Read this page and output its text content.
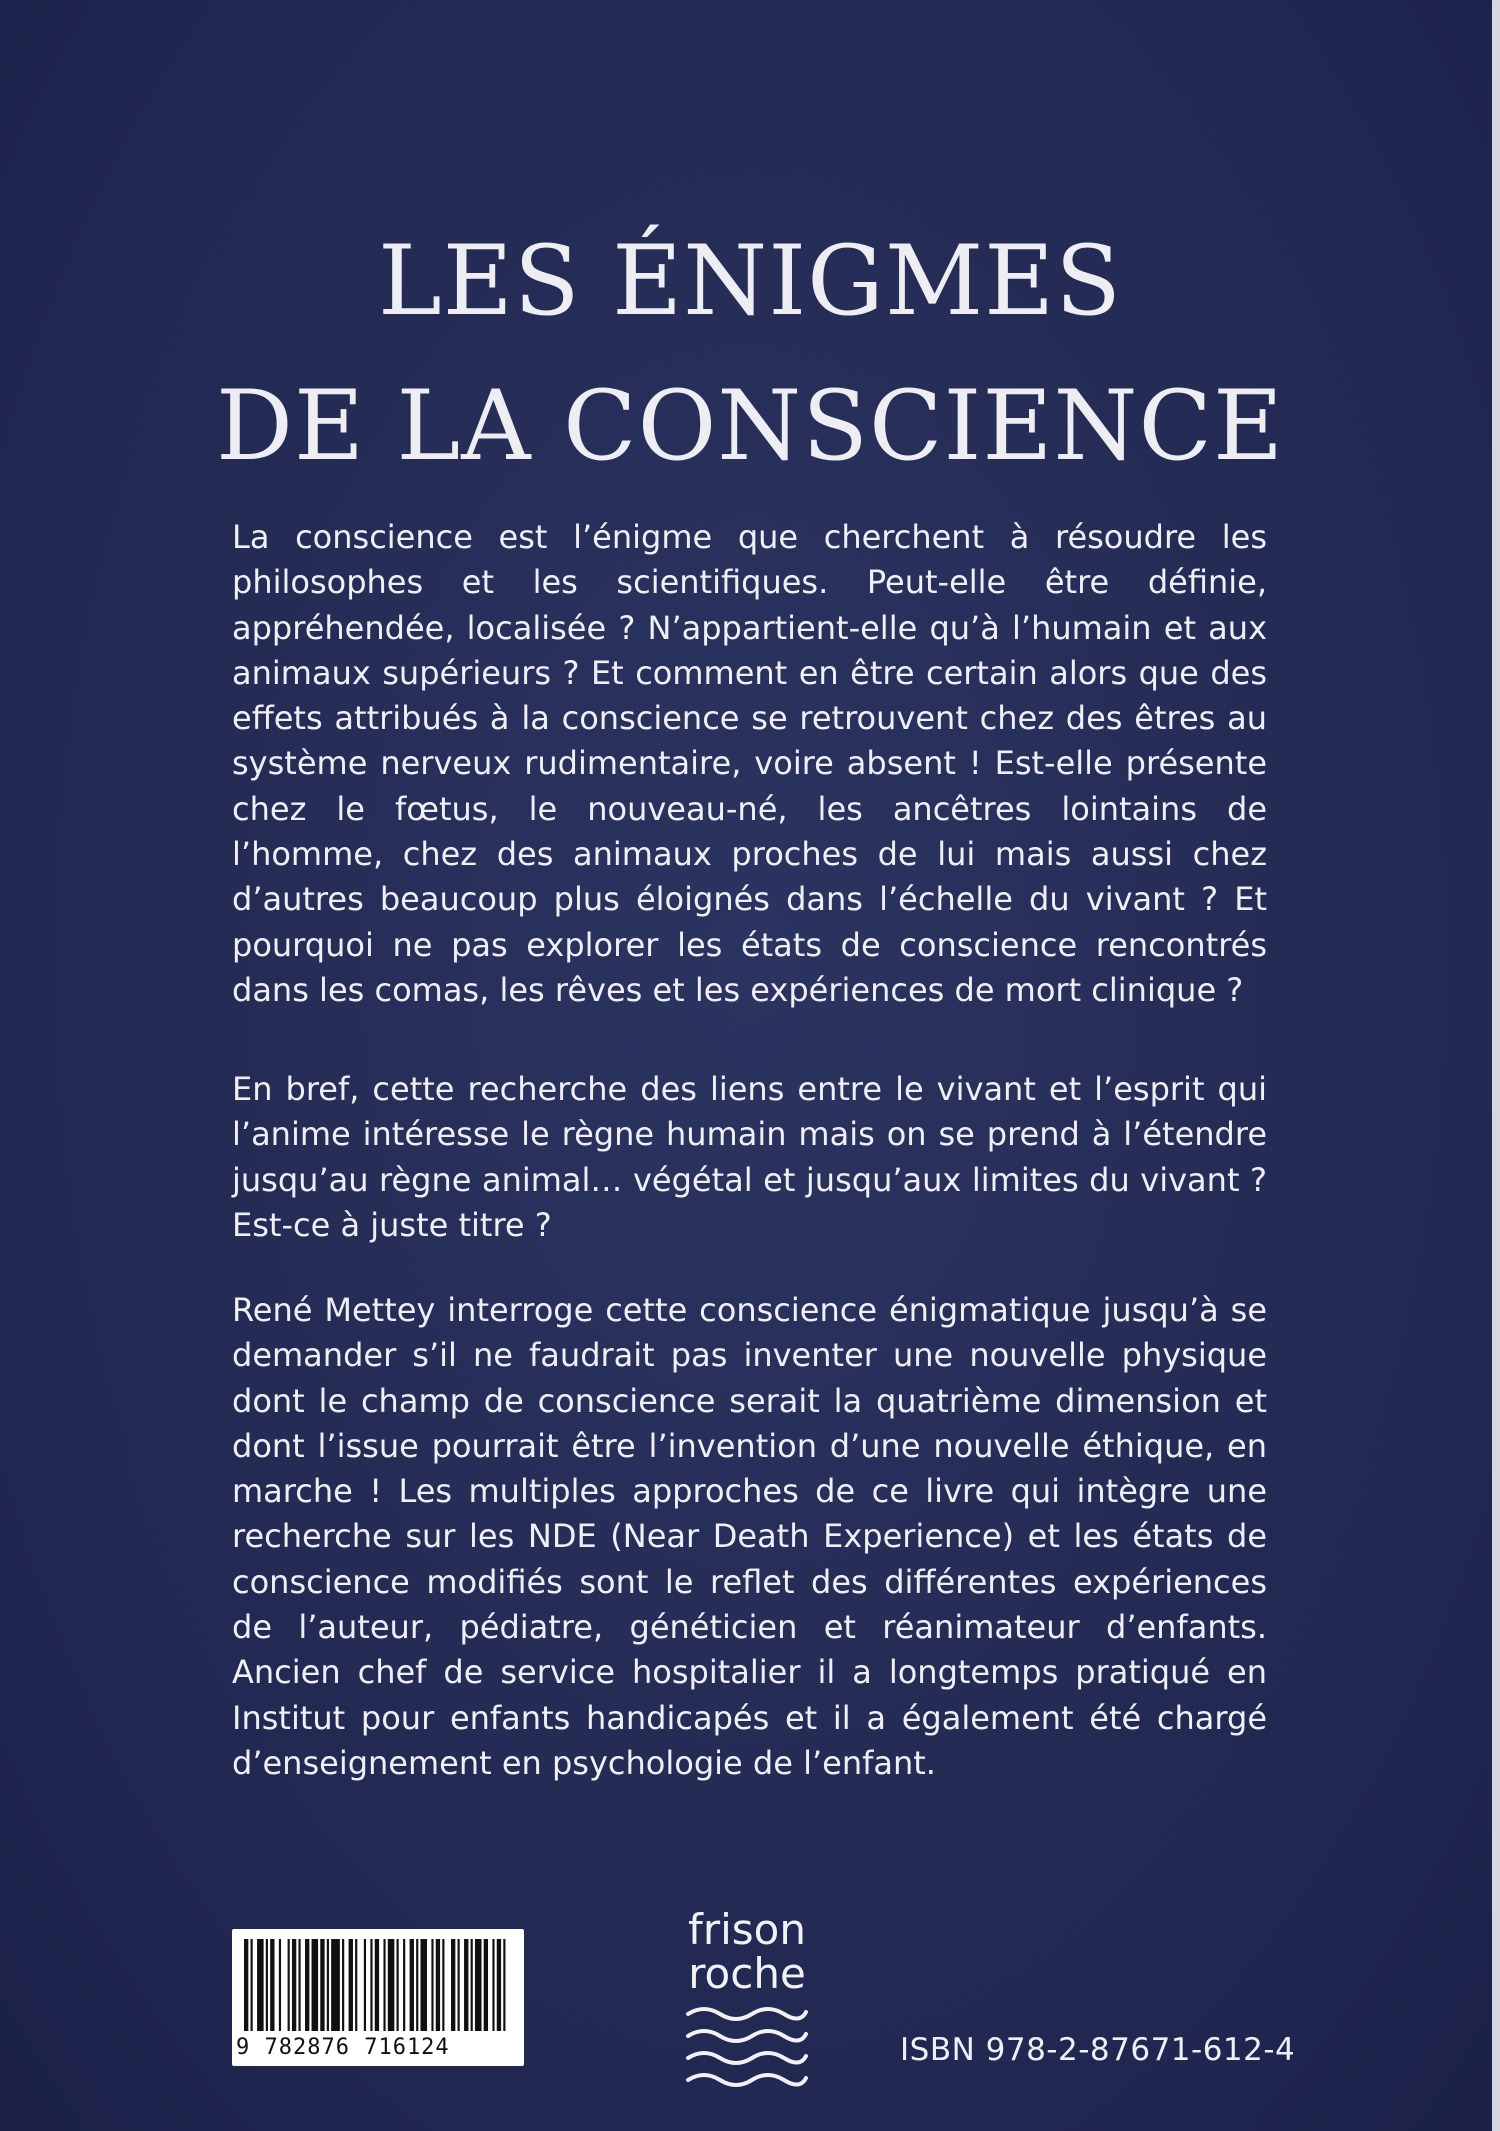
LES ÉNIGMES
DE LA CONSCIENCE

La conscience est l’énigme que cherchent à résoudre les philosophes et les scientifiques. Peut-elle être définie, appréhendée, localisée ? N’appartient-elle qu’à l’humain et aux animaux supérieurs ? Et comment en être certain alors que des effets attribués à la conscience se retrouvent chez des êtres au système nerveux rudimentaire, voire absent ! Est-elle présente chez le fœtus, le nouveau-né, les ancêtres lointains de l’homme, chez des animaux proches de lui mais aussi chez d’autres beaucoup plus éloignés dans l’échelle du vivant ? Et pourquoi ne pas explorer les états de conscience rencontrés dans les comas, les rêves et les expériences de mort clinique ?

En bref, cette recherche des liens entre le vivant et l’esprit qui l’anime intéresse le règne humain mais on se prend à l’étendre jusqu’au règne animal… végétal et jusqu’aux limites du vivant ? Est-ce à juste titre ?

René Mettey interroge cette conscience énigmatique jusqu’à se demander s’il ne faudrait pas inventer une nouvelle physique dont le champ de conscience serait la quatrième dimension et dont l’issue pourrait être l’invention d’une nouvelle éthique, en marche ! Les multiples approches de ce livre qui intègre une recherche sur les NDE (Near Death Experience) et les états de conscience modifiés sont le reflet des différentes expériences de l’auteur, pédiatre, généticien et réanimateur d’enfants. Ancien chef de service hospitalier il a longtemps pratiqué en Institut pour enfants handicapés et il a également été chargé d’enseignement en psychologie de l’enfant.

9 782876 716124
frison
roche
ISBN 978-2-87671-612-4
